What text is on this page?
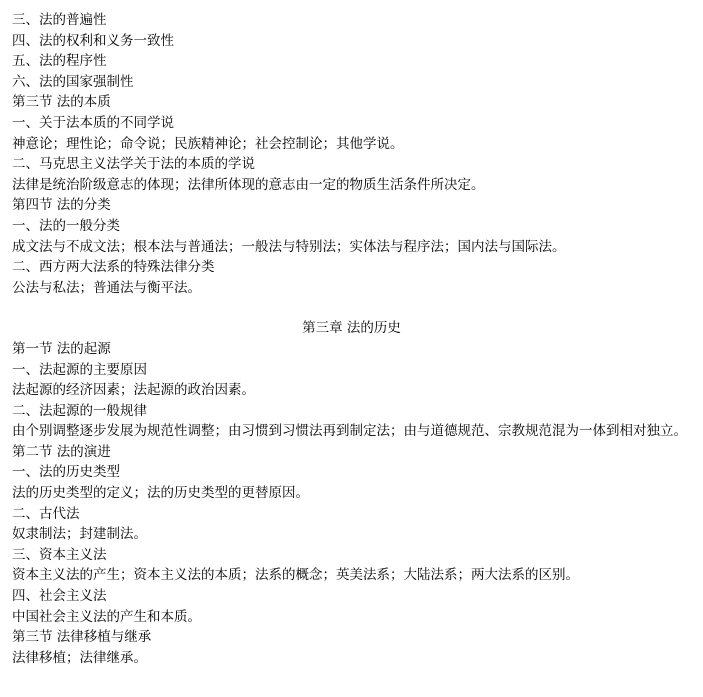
三、法的普遍性
四、法的权利和义务一致性
五、法的程序性
六、法的国家强制性
第三节 法的本质
一、关于法本质的不同学说
神意论；理性论；命令说；民族精神论；社会控制论；其他学说。
二、马克思主义法学关于法的本质的学说
法律是统治阶级意志的体现；法律所体现的意志由一定的物质生活条件所决定。
第四节 法的分类
一、法的一般分类
成文法与不成文法；根本法与普通法；一般法与特别法；实体法与程序法；国内法与国际法。
二、西方两大法系的特殊法律分类
公法与私法；普通法与衡平法。
第三章 法的历史
第一节 法的起源
一、法起源的主要原因
法起源的经济因素；法起源的政治因素。
二、法起源的一般规律
由个别调整逐步发展为规范性调整；由习惯到习惯法再到制定法；由与道德规范、宗教规范混为一体到相对独立。
第二节 法的演进
一、法的历史类型
法的历史类型的定义；法的历史类型的更替原因。
二、古代法
奴隶制法；封建制法。
三、资本主义法
资本主义法的产生；资本主义法的本质；法系的概念；英美法系；大陆法系；两大法系的区别。
四、社会主义法
中国社会主义法的产生和本质。
第三节 法律移植与继承
法律移植；法律继承。
